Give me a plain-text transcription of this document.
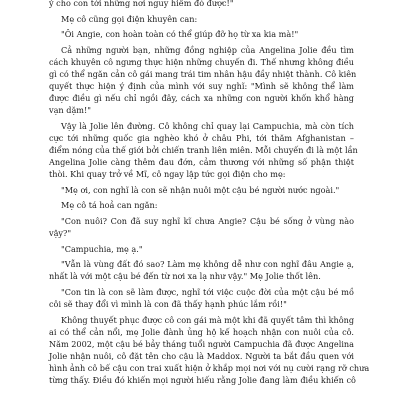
ý cho con tới những nơi nguy hiểm đó được!"
Mẹ cô cũng gọi điện khuyên can:
"Ôi Angie, con hoàn toàn có thể giúp đỡ họ từ xa kia mà!"
Cả những người bạn, những đồng nghiệp của Angelina Jolie đều tìm
cách khuyên cô ngưng thực hiện những chuyến đi. Thế nhưng không điều
gì có thể ngăn cản cô gái mang trái tim nhân hậu đầy nhiệt thành. Cô kiên
quyết thực hiện ý định của mình với suy nghĩ: "Mình sẽ không thể làm
được điều gì nếu chỉ ngồi đây, cách xa những con người khốn khổ hàng
vạn dặm!"
Vậy là Jolie lên đường. Cô không chỉ quay lại Campuchia, mà còn tích
cực tới những quốc gia nghèo khó ở châu Phi, tới thăm Afghanistan –
điểm nóng của thế giới bởi chiến tranh liên miên. Mỗi chuyến đi là một lần
Angelina Jolie càng thêm đau đớn, cảm thương với những số phận thiệt
thòi. Khi quay trở về Mĩ, cô ngay lập tức gọi điện cho mẹ:
"Mẹ ơi, con nghĩ là con sẽ nhận nuôi một cậu bé người nước ngoài."
Mẹ cô tá hoả can ngăn:
"Con nuôi? Con đã suy nghĩ kĩ chưa Angie? Cậu bé sống ở vùng nào
vậy?"
"Campuchia, mẹ ạ."
"Vẫn là vùng đất đó sao? Làm mẹ không dễ như con nghĩ đâu Angie ạ,
nhất là với một cậu bé đến từ nơi xa lạ như vậy." Mẹ Jolie thốt lên.
"Con tin là con sẽ làm được, nghĩ tới việc cuộc đời của một cậu bé mồ
côi sẽ thay đổi vì mình là con đã thấy hạnh phúc lắm rồi!"
Không thuyết phục được cô con gái mà một khi đã quyết tâm thì không
ai có thể cản nổi, mẹ Jolie đành ủng hộ kế hoạch nhận con nuôi của cô.
Năm 2002, một cậu bé bảy tháng tuổi người Campuchia đã được Angelina
Jolie nhận nuôi, cô đặt tên cho cậu là Maddox. Người ta bắt đầu quen với
hình ảnh cô bế cậu con trai xuất hiện ở khắp mọi nơi với nụ cười rạng rỡ chưa
từng thấy. Điều đó khiến mọi người hiếu rằng Jolie đang làm điều khiến cô
